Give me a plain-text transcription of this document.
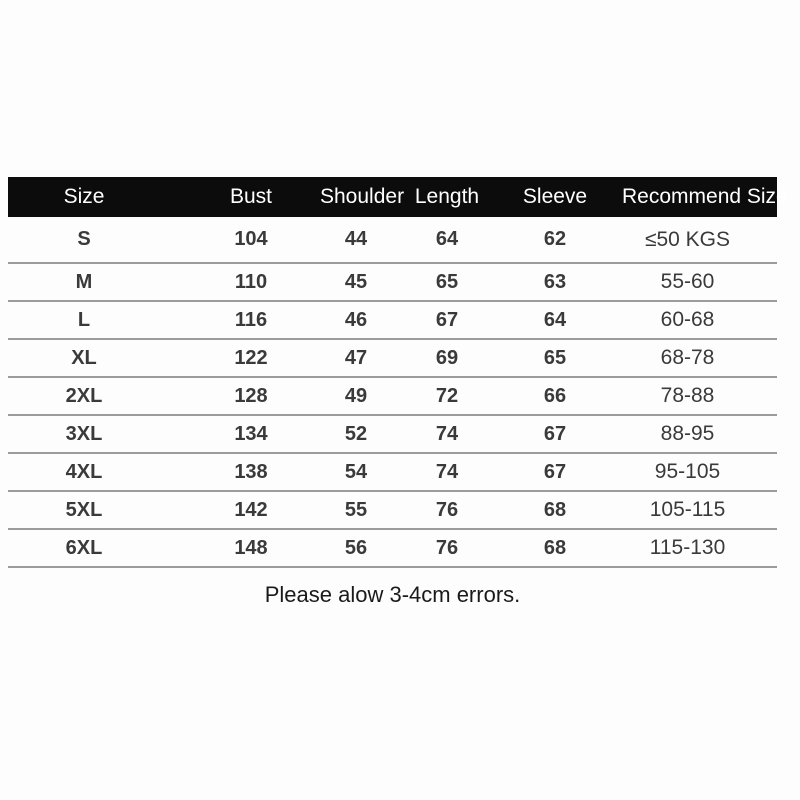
Size	Bust	Shoulder	Length	Sleeve	Recommend Size
S	104	44	64	62	≤50 KGS
M	110	45	65	63	55-60
L	116	46	67	64	60-68
XL	122	47	69	65	68-78
2XL	128	49	72	66	78-88
3XL	134	52	74	67	88-95
4XL	138	54	74	67	95-105
5XL	142	55	76	68	105-115
6XL	148	56	76	68	115-130
Please alow 3-4cm errors.
